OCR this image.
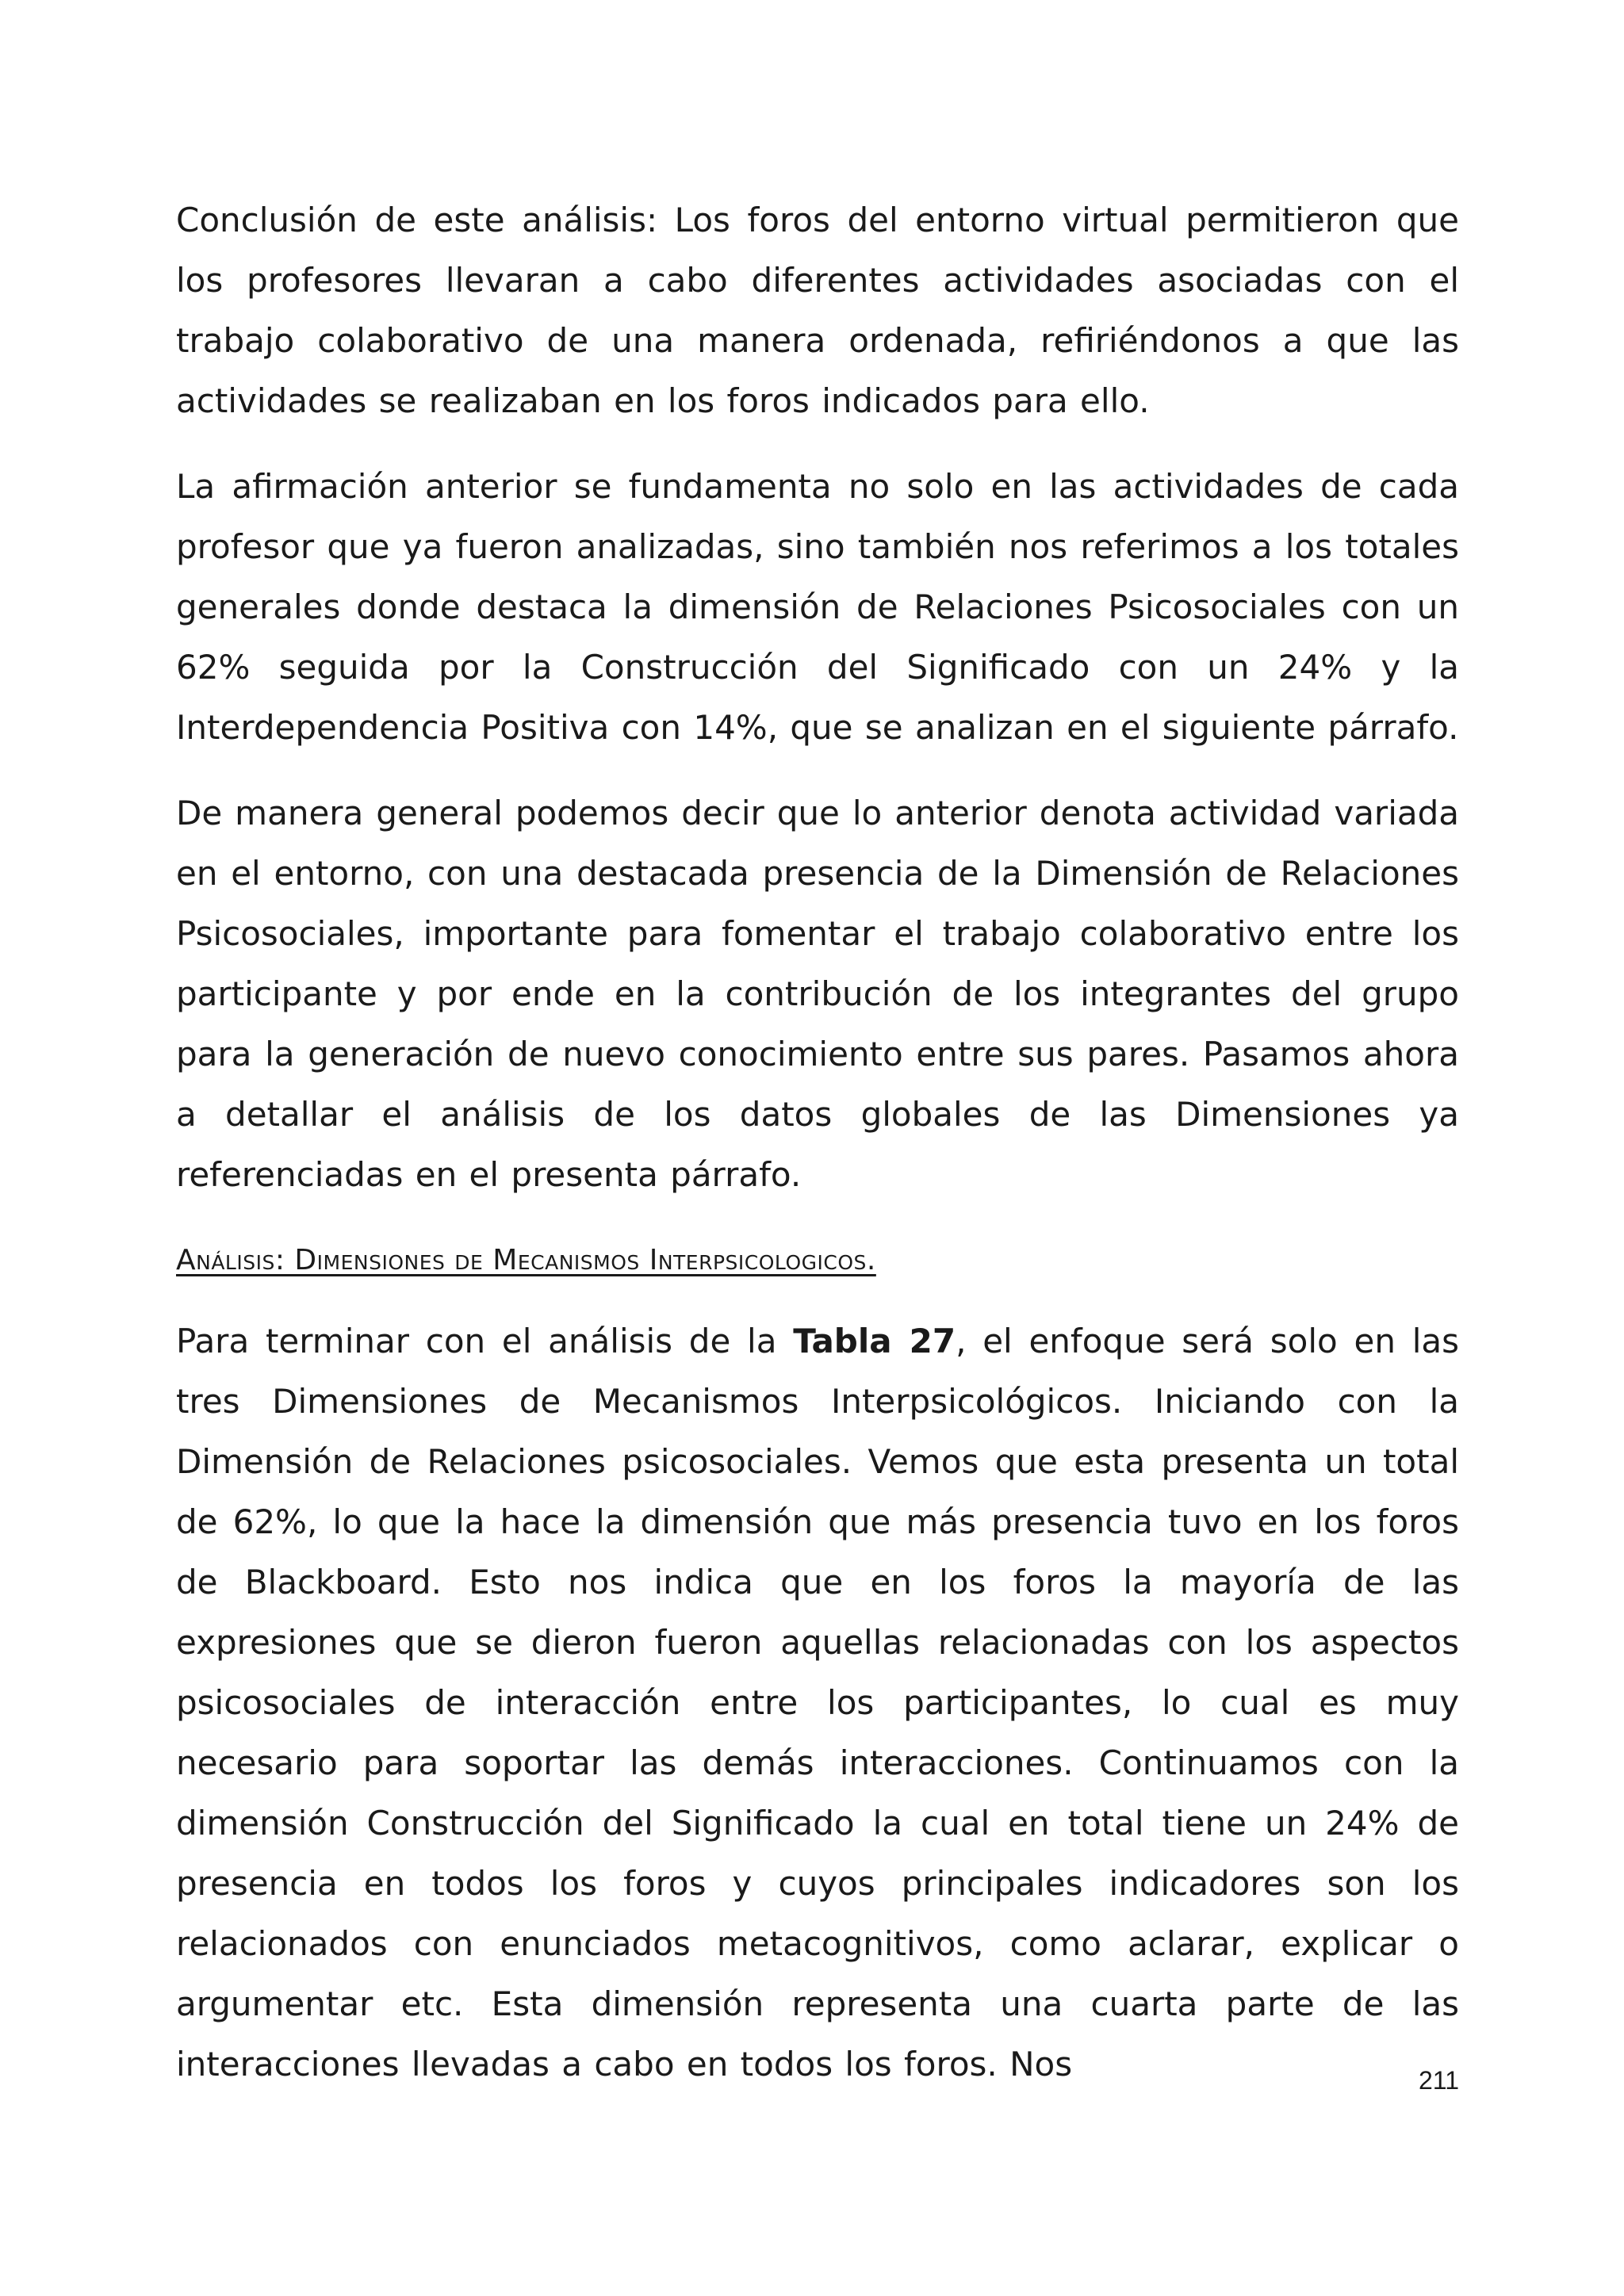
Conclusión de este análisis: Los foros del entorno virtual permitieron que los profesores llevaran a cabo diferentes actividades asociadas con el trabajo colaborativo de una manera ordenada, refiriéndonos a que las actividades se realizaban en los foros indicados para ello.

La afirmación anterior se fundamenta no solo en las actividades de cada profesor que ya fueron analizadas, sino también nos referimos a los totales generales donde destaca la dimensión de Relaciones Psicosociales con un 62% seguida por la Construcción del Significado con un 24% y la Interdependencia Positiva con 14%, que se analizan en el siguiente párrafo.

De manera general podemos decir que lo anterior denota actividad variada en el entorno, con una destacada presencia de la Dimensión de Relaciones Psicosociales, importante para fomentar el trabajo colaborativo entre los participante y por ende en la contribución de los integrantes del grupo para la generación de nuevo conocimiento entre sus pares. Pasamos ahora a detallar el análisis de los datos globales de las Dimensiones ya referenciadas en el presenta párrafo.

Análisis: Dimensiones de Mecanismos Interpsicologicos.

Para terminar con el análisis de la Tabla 27, el enfoque será solo en las tres Dimensiones de Mecanismos Interpsicológicos. Iniciando con la Dimensión de Relaciones psicosociales. Vemos que esta presenta un total de 62%, lo que la hace la dimensión que más presencia tuvo en los foros de Blackboard. Esto nos indica que en los foros la mayoría de las expresiones que se dieron fueron aquellas relacionadas con los aspectos psicosociales de interacción entre los participantes, lo cual es muy necesario para soportar las demás interacciones. Continuamos con la dimensión Construcción del Significado la cual en total tiene un 24% de presencia en todos los foros y cuyos principales indicadores son los relacionados con enunciados metacognitivos, como aclarar, explicar o argumentar etc. Esta dimensión representa una cuarta parte de las interacciones llevadas a cabo en todos los foros. Nos	211
